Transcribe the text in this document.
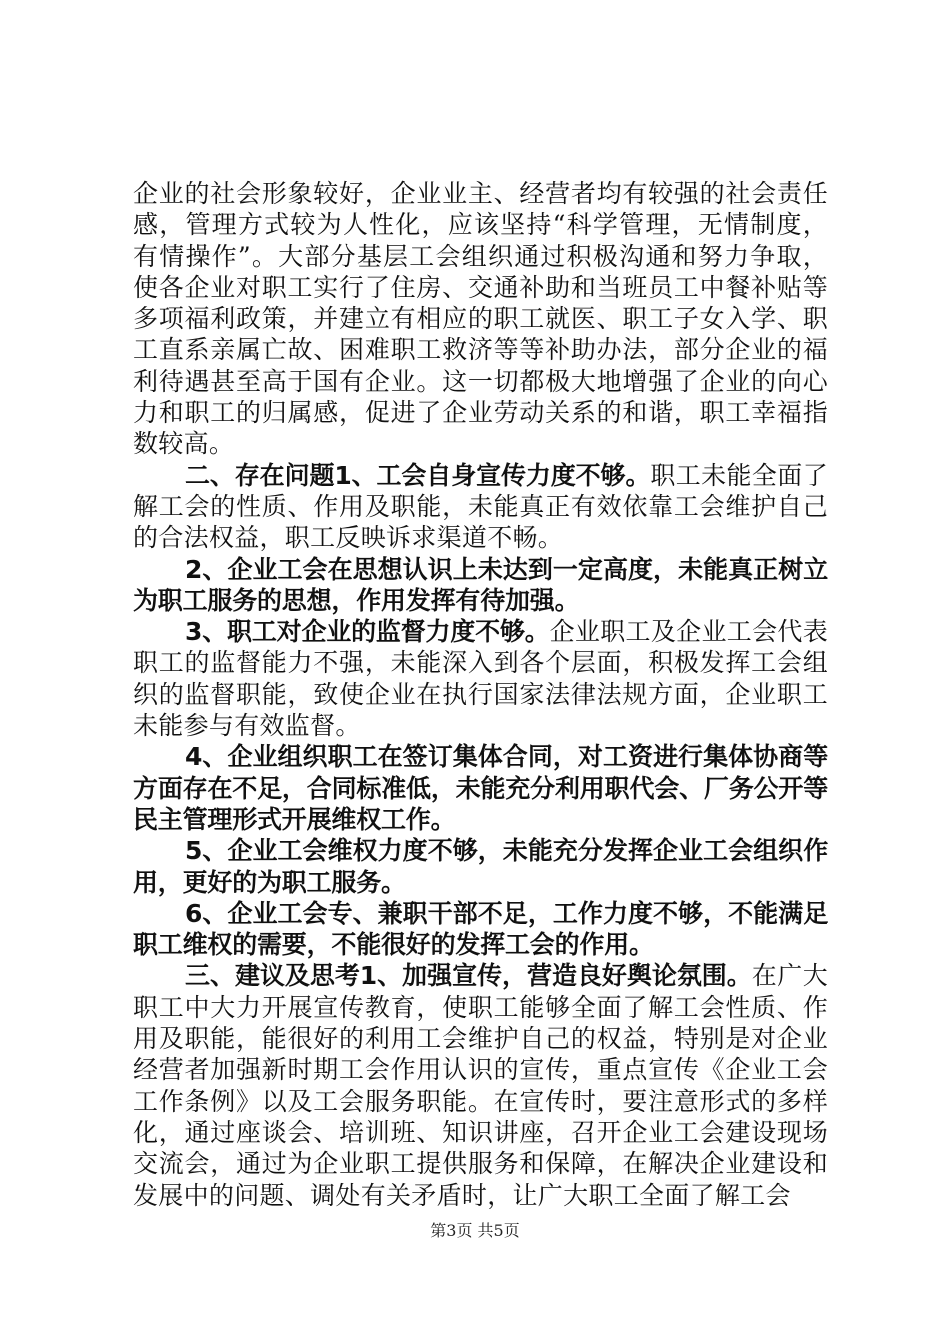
企业的社会形象较好，企业业主、经营者均有较强的社会责任感，管理方式较为人性化，应该坚持“科学管理，无情制度，有情操作”。大部分基层工会组织通过积极沟通和努力争取，使各企业对职工实行了住房、交通补助和当班员工中餐补贴等多项福利政策，并建立有相应的职工就医、职工子女入学、职工直系亲属亡故、困难职工救济等等补助办法，部分企业的福利待遇甚至高于国有企业。这一切都极大地增强了企业的向心力和职工的归属感，促进了企业劳动关系的和谐，职工幸福指数较高。

二、存在问题1、工会自身宣传力度不够。职工未能全面了解工会的性质、作用及职能，未能真正有效依靠工会维护自己的合法权益，职工反映诉求渠道不畅。

2、企业工会在思想认识上未达到一定高度，未能真正树立为职工服务的思想，作用发挥有待加强。

3、职工对企业的监督力度不够。企业职工及企业工会代表职工的监督能力不强，未能深入到各个层面，积极发挥工会组织的监督职能，致使企业在执行国家法律法规方面，企业职工未能参与有效监督。

4、企业组织职工在签订集体合同，对工资进行集体协商等方面存在不足，合同标准低，未能充分利用职代会、厂务公开等民主管理形式开展维权工作。

5、企业工会维权力度不够，未能充分发挥企业工会组织作用，更好的为职工服务。

6、企业工会专、兼职干部不足，工作力度不够，不能满足职工维权的需要，不能很好的发挥工会的作用。

三、建议及思考1、加强宣传，营造良好舆论氛围。在广大职工中大力开展宣传教育，使职工能够全面了解工会性质、作用及职能，能很好的利用工会维护自己的权益，特别是对企业经营者加强新时期工会作用认识的宣传，重点宣传《企业工会工作条例》以及工会服务职能。在宣传时，要注意形式的多样化，通过座谈会、培训班、知识讲座，召开企业工会建设现场交流会，通过为企业职工提供服务和保障，在解决企业建设和发展中的问题、调处有关矛盾时，让广大职工全面了解工会

第3页 共5页
